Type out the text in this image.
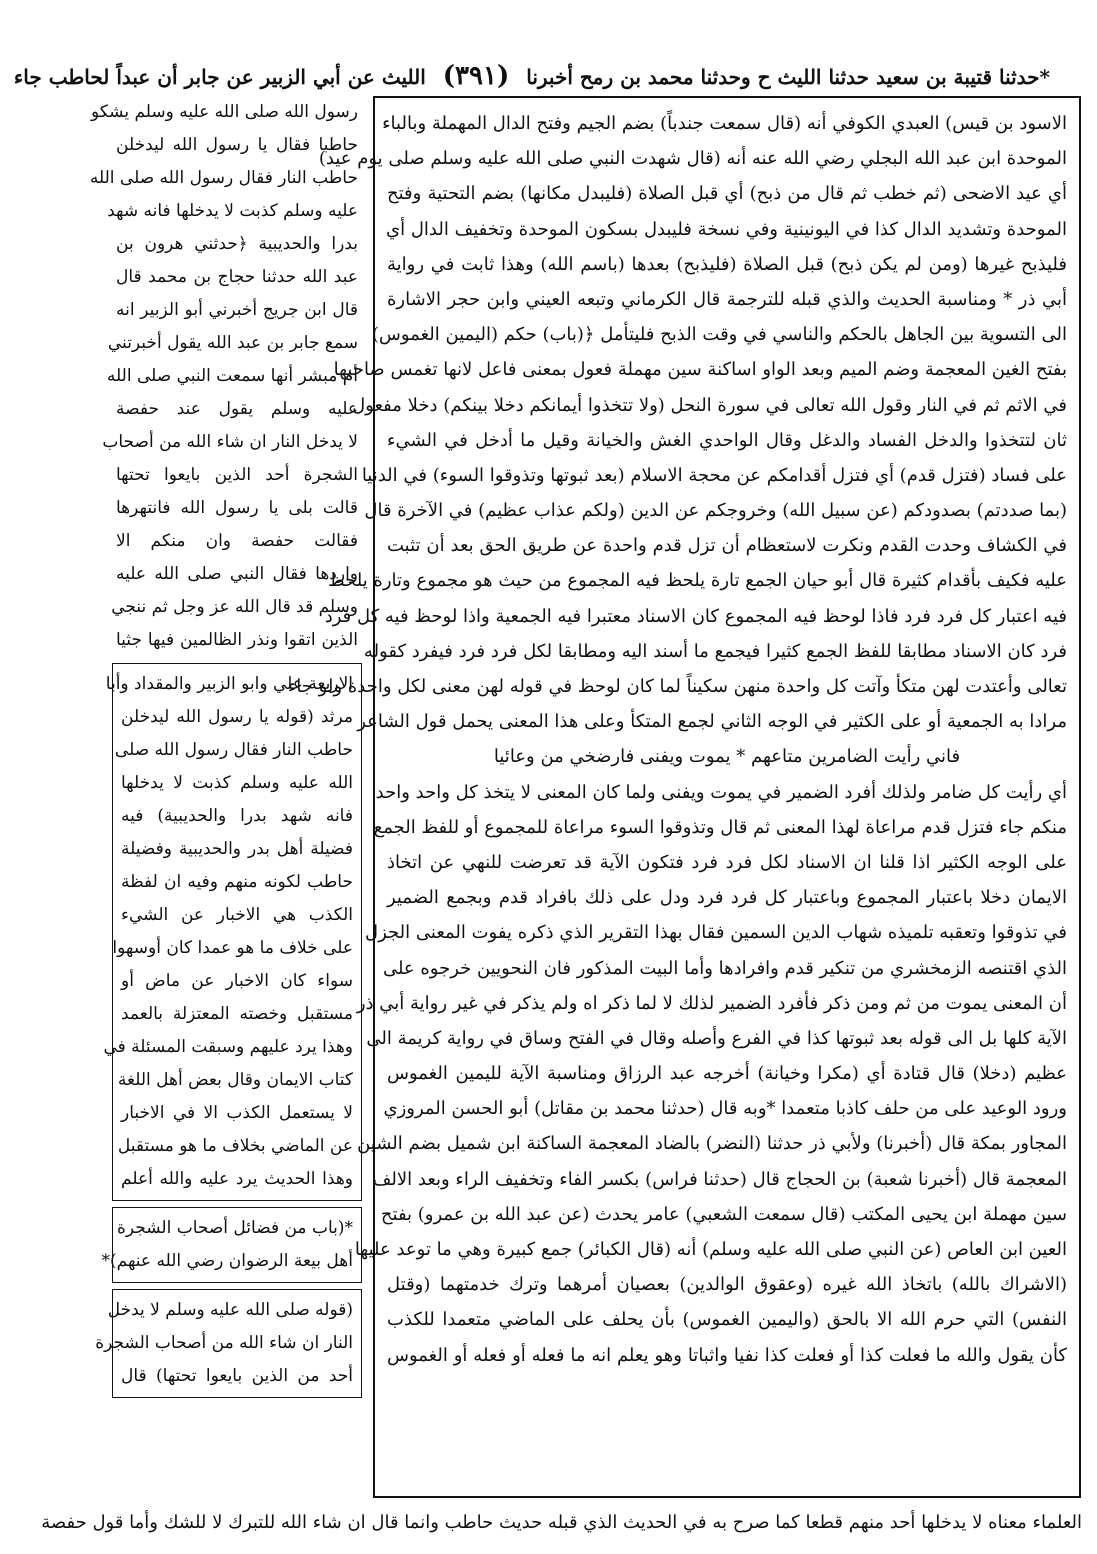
*حدثنا قتيبة بن سعيد حدثنا الليث ح وحدثنا محمد بن رمح أخبرنا (٣٩١) الليث عن أبي الزبير عن جابر أن عبداً لحاطب جاء

الاسود بن قيس) العبدي الكوفي أنه (قال سمعت جندباً) بضم الجيم وفتح الدال المهملة وبالباء

الموحدة ابن عبد الله البجلي رضي الله عنه أنه (قال شهدت النبي صلى الله عليه وسلم صلى يوم عيد)

أي عيد الاضحى (ثم خطب ثم قال من ذبح) أي قبل الصلاة (فليبدل مكانها) بضم التحتية وفتح

الموحدة وتشديد الدال كذا في اليونينية وفي نسخة فليبدل بسكون الموحدة وتخفيف الدال أي

فليذبح غيرها (ومن لم يكن ذبح) قبل الصلاة (فليذبح) بعدها (باسم الله) وهذا ثابت في رواية

أبي ذر * ومناسبة الحديث والذي قبله للترجمة قال الكرماني وتبعه العيني وابن حجر الاشارة

الى التسوية بين الجاهل بالحكم والناسي في وقت الذبح فليتأمل ﴿(باب) حكم (اليمين الغموس)

بفتح الغين المعجمة وضم الميم وبعد الواو اساكنة سين مهملة فعول بمعنى فاعل لانها تغمس صاحبها

في الاثم ثم في النار وقول الله تعالى في سورة النحل (ولا تتخذوا أيمانكم دخلا بينكم) دخلا مفعول

ثان لتتخذوا والدخل الفساد والدغل وقال الواحدي الغش والخيانة وقيل ما أدخل في الشيء

على فساد (فتزل قدم) أي فتزل أقدامكم عن محجة الاسلام (بعد ثبوتها وتذوقوا السوء) في الدنيا

(بما صددتم) بصدودكم (عن سبيل الله) وخروجكم عن الدين (ولكم عذاب عظيم) في الآخرة قال

في الكشاف وحدت القدم ونكرت لاستعظام أن تزل قدم واحدة عن طريق الحق بعد أن تثبت

عليه فكيف بأقدام كثيرة قال أبو حيان الجمع تارة يلحظ فيه المجموع من حيث هو مجموع وتارة يلحظ

فيه اعتبار كل فرد فرد فاذا لوحظ فيه المجموع كان الاسناد معتبرا فيه الجمعية واذا لوحظ فيه كل فرد

فرد كان الاسناد مطابقا للفظ الجمع كثيرا فيجمع ما أسند اليه ومطابقا لكل فرد فرد فيفرد كقوله

تعالى وأعتدت لهن متكأ وآتت كل واحدة منهن سكيناً لما كان لوحظ في قوله لهن معنى لكل واحدة ولو جاء

مرادا به الجمعية أو على الكثير في الوجه الثاني لجمع المتكأ وعلى هذا المعنى يحمل قول الشاعر

فاني رأيت الضامرين متاعهم * يموت ويفنى فارضخي من وعائيا

أي رأيت كل ضامر ولذلك أفرد الضمير في يموت ويفنى ولما كان المعنى لا يتخذ كل واحد واحد

منكم جاء فتزل قدم مراعاة لهذا المعنى ثم قال وتذوقوا السوء مراعاة للمجموع أو للفظ الجمع

على الوجه الكثير اذا قلنا ان الاسناد لكل فرد فرد فتكون الآية قد تعرضت للنهي عن اتخاذ

الايمان دخلا باعتبار المجموع وباعتبار كل فرد فرد ودل على ذلك بافراد قدم وبجمع الضمير

في تذوقوا وتعقبه تلميذه شهاب الدين السمين فقال بهذا التقرير الذي ذكره يفوت المعنى الجزل

الذي اقتنصه الزمخشري من تنكير قدم وافرادها وأما البيت المذكور فان النحويين خرجوه على

أن المعنى يموت من ثم ومن ذكر فأفرد الضمير لذلك لا لما ذكر اه ولم يذكر في غير رواية أبي ذر

الآية كلها بل الى قوله بعد ثبوتها كذا في الفرع وأصله وقال في الفتح وساق في رواية كريمة الى

عظيم (دخلا) قال قتادة أي (مكرا وخيانة) أخرجه عبد الرزاق ومناسبة الآية لليمين الغموس

ورود الوعيد على من حلف كاذبا متعمدا *وبه قال (حدثنا محمد بن مقاتل) أبو الحسن المروزي

المجاور بمكة قال (أخبرنا) ولأبي ذر حدثنا (النضر) بالضاد المعجمة الساكنة ابن شميل بضم الشين

المعجمة قال (أخبرنا شعبة) بن الحجاج قال (حدثنا فراس) بكسر الفاء وتخفيف الراء وبعد الالف

سين مهملة ابن يحيى المكتب (قال سمعت الشعبي) عامر يحدث (عن عبد الله بن عمرو) بفتح

العين ابن العاص (عن النبي صلى الله عليه وسلم) أنه (قال الكبائر) جمع كبيرة وهي ما توعد عليها

(الاشراك بالله) باتخاذ الله غيره (وعقوق الوالدين) بعصيان أمرهما وترك خدمتهما (وقتل

النفس) التي حرم الله الا بالحق (واليمين الغموس) بأن يحلف على الماضي متعمدا للكذب

كأن يقول والله ما فعلت كذا أو فعلت كذا نفيا واثباتا وهو يعلم انه ما فعله أو فعله أو الغموس

رسول الله صلى الله عليه وسلم يشكو

حاطبا فقال يا رسول الله ليدخلن

حاطب النار فقال رسول الله صلى الله

عليه وسلم كذبت لا يدخلها فانه شهد

بدرا والحديبية ﴿حدثني هرون بن

عبد الله حدثنا حجاج بن محمد قال

قال ابن جريج أخبرني أبو الزبير انه

سمع جابر بن عبد الله يقول أخبرتني

أم مبشر أنها سمعت النبي صلى الله

عليه وسلم يقول عند حفصة

لا يدخل النار ان شاء الله من أصحاب

الشجرة أحد الذين بايعوا تحتها

قالت بلى يا رسول الله فانتهرها

فقالت حفصة وان منكم الا

واردها فقال النبي صلى الله عليه

وسلم قد قال الله عز وجل ثم ننجي

الذين اتقوا ونذر الظالمين فيها جثيا

الاربعة علي وابو الزبير والمقداد وأبا

مرثد (قوله يا رسول الله ليدخلن

حاطب النار فقال رسول الله صلى

الله عليه وسلم كذبت لا يدخلها

فانه شهد بدرا والحديبية) فيه

فضيلة أهل بدر والحديبية وفضيلة

حاطب لكونه منهم وفيه ان لفظة

الكذب هي الاخبار عن الشيء

على خلاف ما هو عمدا كان أوسهوا

سواء كان الاخبار عن ماض أو

مستقبل وخصته المعتزلة بالعمد

وهذا يرد عليهم وسبقت المسئلة في

كتاب الايمان وقال بعض أهل اللغة

لا يستعمل الكذب الا في الاخبار

عن الماضي بخلاف ما هو مستقبل

وهذا الحديث يرد عليه والله أعلم

*(باب من فضائل أصحاب الشجرة

أهل بيعة الرضوان رضي الله عنهم)*

(قوله صلى الله عليه وسلم لا يدخل

النار ان شاء الله من أصحاب الشجرة

أحد من الذين بايعوا تحتها) قال

العلماء معناه لا يدخلها أحد منهم قطعا كما صرح به في الحديث الذي قبله حديث حاطب وانما قال ان شاء الله للتبرك لا للشك وأما قول حفصة
